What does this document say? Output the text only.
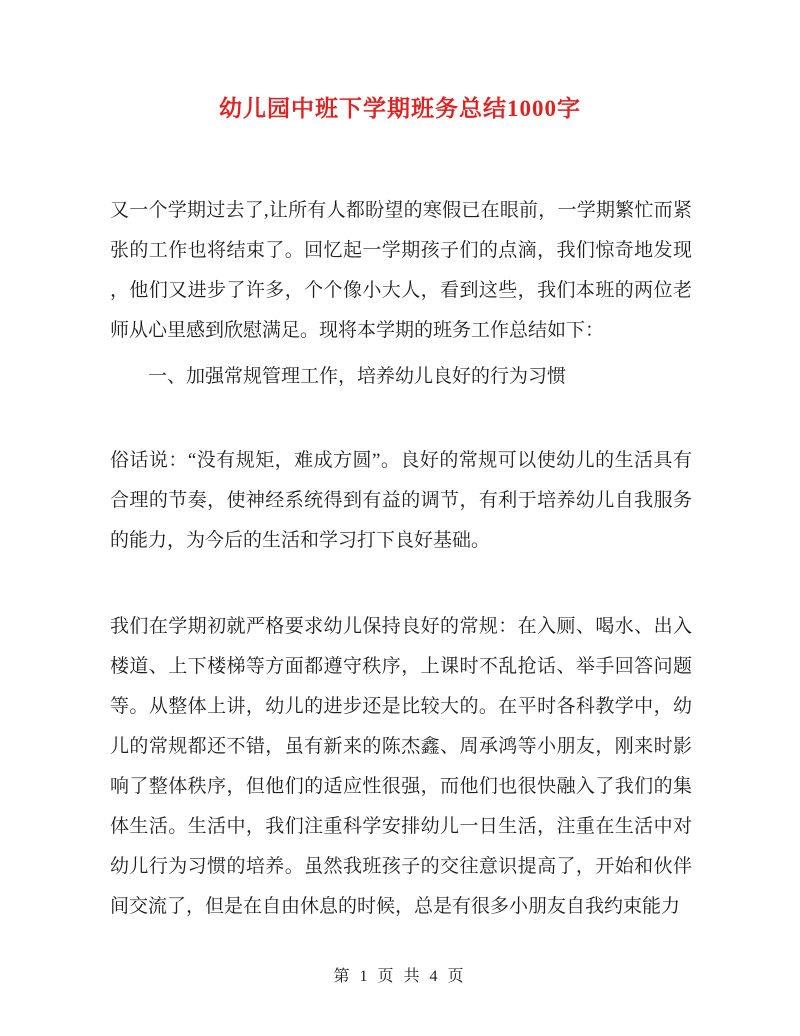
幼儿园中班下学期班务总结1000字

又一个学期过去了,让所有人都盼望的寒假已在眼前，一学期繁忙而紧张的工作也将结束了。回忆起一学期孩子们的点滴，我们惊奇地发现，他们又进步了许多，个个像小大人，看到这些，我们本班的两位老师从心里感到欣慰满足。现将本学期的班务工作总结如下：

一、加强常规管理工作，培养幼儿良好的行为习惯

俗话说：“没有规矩，难成方圆”。良好的常规可以使幼儿的生活具有合理的节奏，使神经系统得到有益的调节，有利于培养幼儿自我服务的能力，为今后的生活和学习打下良好基础。

我们在学期初就严格要求幼儿保持良好的常规：在入厕、喝水、出入楼道、上下楼梯等方面都遵守秩序，上课时不乱抢话、举手回答问题等。从整体上讲，幼儿的进步还是比较大的。在平时各科教学中，幼儿的常规都还不错，虽有新来的陈杰鑫、周承鸿等小朋友，刚来时影响了整体秩序，但他们的适应性很强，而他们也很快融入了我们的集体生活。生活中，我们注重科学安排幼儿一日生活，注重在生活中对幼儿行为习惯的培养。虽然我班孩子的交往意识提高了，开始和伙伴间交流了，但是在自由休息的时候，总是有很多小朋友自我约束能力

第 1 页 共 4 页
